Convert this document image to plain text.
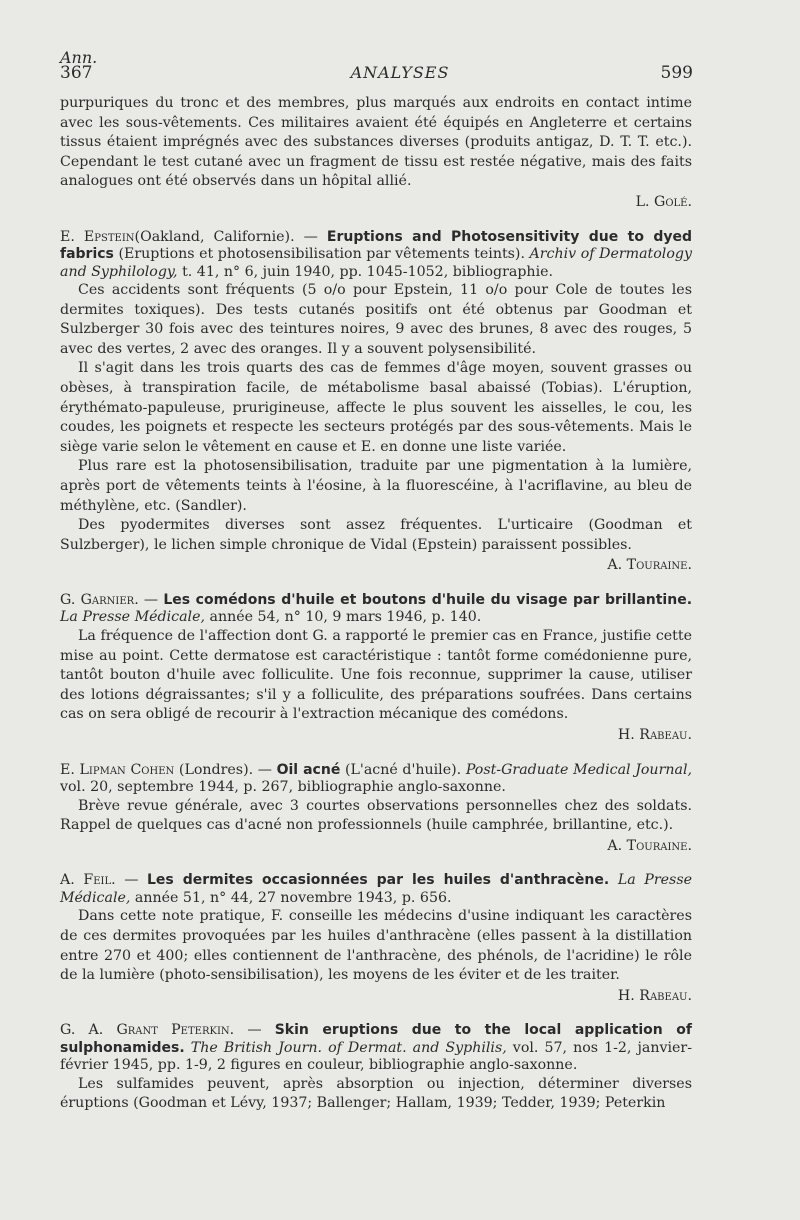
Ann.
367	ANALYSES	599

purpuriques du tronc et des membres, plus marqués aux endroits en contact intime avec les sous-vêtements. Ces militaires avaient été équipés en Angleterre et certains tissus étaient imprégnés avec des substances diverses (produits antigaz, D. T. T. etc.). Cependant le test cutané avec un fragment de tissu est restée négative, mais des faits analogues ont été observés dans un hôpital allié.

L. Golé.

E. Epstein(Oakland, Californie). — Eruptions and Photosensitivity due to dyed fabrics (Eruptions et photosensibilisation par vêtements teints). Archiv of Dermatology and Syphilology, t. 41, n° 6, juin 1940, pp. 1045-1052, bibliographie.

Ces accidents sont fréquents (5 o/o pour Epstein, 11 o/o pour Cole de toutes les dermites toxiques). Des tests cutanés positifs ont été obtenus par Goodman et Sulzberger 30 fois avec des teintures noires, 9 avec des brunes, 8 avec des rouges, 5 avec des vertes, 2 avec des oranges. Il y a souvent polysensibilité.

Il s'agit dans les trois quarts des cas de femmes d'âge moyen, souvent grasses ou obèses, à transpiration facile, de métabolisme basal abaissé (Tobias). L'éruption, érythémato-papuleuse, prurigineuse, affecte le plus souvent les aisselles, le cou, les coudes, les poignets et respecte les secteurs protégés par des sous-vêtements. Mais le siège varie selon le vêtement en cause et E. en donne une liste variée.

Plus rare est la photosensibilisation, traduite par une pigmentation à la lumière, après port de vêtements teints à l'éosine, à la fluorescéine, à l'acriflavine, au bleu de méthylène, etc. (Sandler).

Des pyodermites diverses sont assez fréquentes. L'urticaire (Goodman et Sulzberger), le lichen simple chronique de Vidal (Epstein) paraissent possibles.

A. Touraine.

G. Garnier. — Les comédons d'huile et boutons d'huile du visage par brillantine. La Presse Médicale, année 54, n° 10, 9 mars 1946, p. 140.

La fréquence de l'affection dont G. a rapporté le premier cas en France, justifie cette mise au point. Cette dermatose est caractéristique : tantôt forme comédonienne pure, tantôt bouton d'huile avec folliculite. Une fois reconnue, supprimer la cause, utiliser des lotions dégraissantes; s'il y a folliculite, des préparations soufrées. Dans certains cas on sera obligé de recourir à l'extraction mécanique des comédons.

H. Rabeau.

E. Lipman Cohen (Londres). — Oil acné (L'acné d'huile). Post-Graduate Medical Journal, vol. 20, septembre 1944, p. 267, bibliographie anglo-saxonne.

Brève revue générale, avec 3 courtes observations personnelles chez des soldats. Rappel de quelques cas d'acné non professionnels (huile camphrée, brillantine, etc.).

A. Touraine.

A. Feil. — Les dermites occasionnées par les huiles d'anthracène. La Presse Médicale, année 51, n° 44, 27 novembre 1943, p. 656.

Dans cette note pratique, F. conseille les médecins d'usine indiquant les caractères de ces dermites provoquées par les huiles d'anthracène (elles passent à la distillation entre 270 et 400; elles contiennent de l'anthracène, des phénols, de l'acridine) le rôle de la lumière (photo-sensibilisation), les moyens de les éviter et de les traiter.

H. Rabeau.

G. A. Grant Peterkin. — Skin eruptions due to the local application of sulphonamides. The British Journ. of Dermat. and Syphilis, vol. 57, nos 1-2, janvier-février 1945, pp. 1-9, 2 figures en couleur, bibliographie anglo-saxonne.

Les sulfamides peuvent, après absorption ou injection, déterminer diverses éruptions (Goodman et Lévy, 1937; Ballenger; Hallam, 1939; Tedder, 1939; Peterkin
